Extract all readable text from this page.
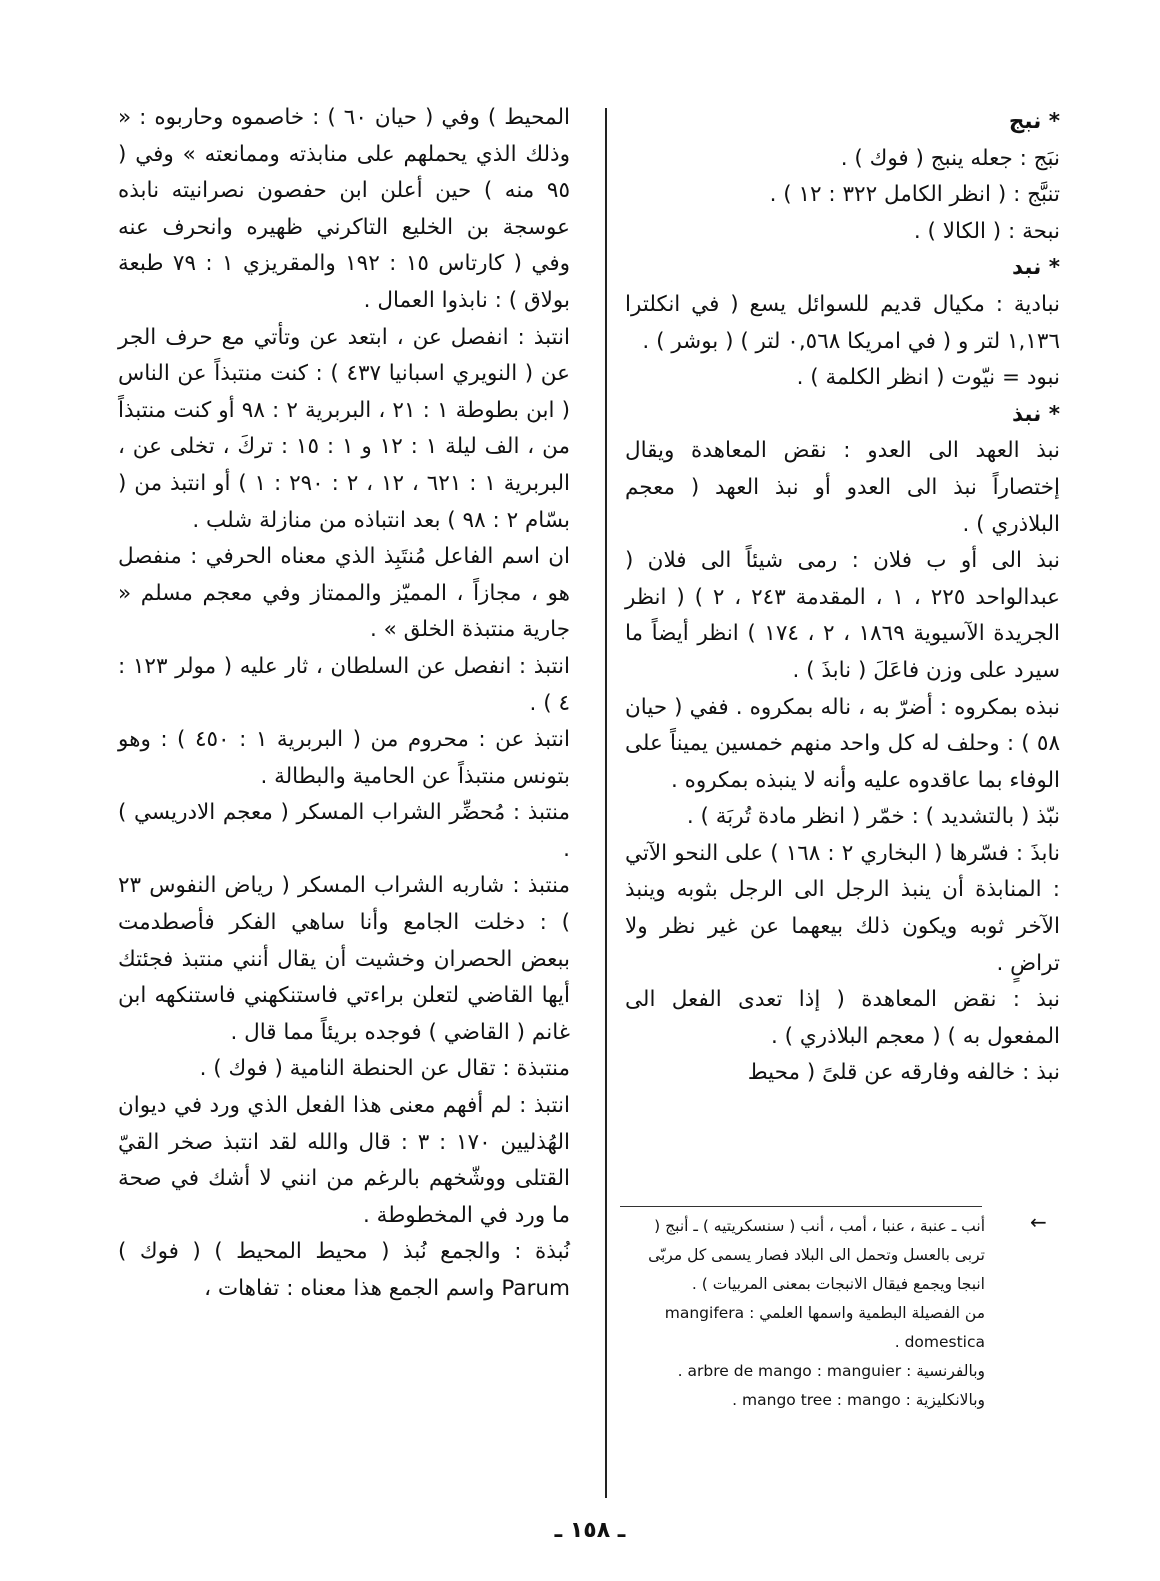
* نبج

نبَج : جعله ينبج ( فوك ) .

تنبَّج : ( انظر الكامل ٣٢٢ : ١٢ ) .

نبحة : ( الكالا ) .

* نبد

نبادية : مكيال قديم للسوائل يسع ( في انكلترا ١,١٣٦ لتر و ( في امريكا ٠,٥٦٨ لتر ) ( بوشر ) .

نبود = نيّوت ( انظر الكلمة ) .

* نبذ

نبذ العهد الى العدو : نقض المعاهدة ويقال إختصاراً نبذ الى العدو أو نبذ العهد ( معجم البلاذري ) .

نبذ الى أو ب فلان : رمى شيئاً الى فلان ( عبدالواحد ٢٢٥ ، ١ ، المقدمة ٢٤٣ ، ٢ ) ( انظر الجريدة الآسيوية ١٨٦٩ ، ٢ ، ١٧٤ ) انظر أيضاً ما سيرد على وزن فاعَلَ ( نابذَ ) .

نبذه بمكروه : أضرّ به ، ناله بمكروه . ففي ( حيان ٥٨ ) : وحلف له كل واحد منهم خمسين يميناً على الوفاء بما عاقدوه عليه وأنه لا ينبذه بمكروه .

نبّذ ( بالتشديد ) : خمّر ( انظر مادة تُربَة ) .

نابذَ : فسّرها ( البخاري ٢ : ١٦٨ ) على النحو الآتي : المنابذة أن ينبذ الرجل الى الرجل بثوبه وينبذ الآخر ثوبه ويكون ذلك بيعهما عن غير نظر ولا تراضٍ .

نبذ : نقض المعاهدة ( إذا تعدى الفعل الى المفعول به ) ( معجم البلاذري ) .

نبذ : خالفه وفارقه عن قلىً ( محيط

المحيط ) وفي ( حيان ٦٠ ) : خاصموه وحاربوه : « وذلك الذي يحملهم على منابذته وممانعته » وفي ( ٩٥ منه ) حين أعلن ابن حفصون نصرانيته نابذه عوسجة بن الخليع التاكرني ظهيره وانحرف عنه وفي ( كارتاس ١٥ : ١٩٢ والمقريزي ١ : ٧٩ طبعة بولاق ) : نابذوا العمال .

انتبذ : انفصل عن ، ابتعد عن وتأتي مع حرف الجر عن ( النويري اسبانيا ٤٣٧ ) : كنت منتبذاً عن الناس ( ابن بطوطة ١ : ٢١ ، البربرية ٢ : ٩٨ أو كنت منتبذاً من ، الف ليلة ١ : ١٢ و ١ : ١٥ : تركَ ، تخلى عن ، البربرية ١ : ٦٢١ ، ١٢ ، ٢ : ٢٩٠ : ١ ) أو انتبذ من ( بسّام ٢ : ٩٨ ) بعد انتباذه من منازلة شلب .

ان اسم الفاعل مُنتَبِذ الذي معناه الحرفي : منفصل هو ، مجازاً ، المميّز والممتاز وفي معجم مسلم « جارية منتبذة الخلق » .

انتبذ : انفصل عن السلطان ، ثار عليه ( مولر ١٢٣ : ٤ ) .

انتبذ عن : محروم من ( البربرية ١ : ٤٥٠ ) : وهو بتونس منتبذاً عن الحامية والبطالة .

منتبذ : مُحضِّر الشراب المسكر ( معجم الادريسي ) .

منتبذ : شاربه الشراب المسكر ( رياض النفوس ٢٣ ) : دخلت الجامع وأنا ساهي الفكر فأصطدمت ببعض الحصران وخشيت أن يقال أنني منتبذ فجئتك أيها القاضي لتعلن براءتي فاستنكهني فاستنكهه ابن غانم ( القاضي ) فوجده بريئاً مما قال .

منتبذة : تقال عن الحنطة النامية ( فوك ) .

انتبذ : لم أفهم معنى هذا الفعل الذي ورد في ديوان الهُذليين ١٧٠ : ٣ : قال والله لقد انتبذ صخر القيّ القتلى ووشّخهم بالرغم من انني لا أشك في صحة ما ورد في المخطوطة .

نُبذة : والجمع نُبذ ( محيط المحيط ) ( فوك ) Parum واسم الجمع هذا معناه : تفاهات ،

←

أنب ـ عنبة ، عنبا ، أمب ، أنب ( سنسكريتيه ) ـ أنبج ( تربى بالعسل وتحمل الى البلاد فصار يسمى كل مربّى انبجا ويجمع فيقال الانبجات بمعنى المربيات ) .

من الفصيلة البطمية واسمها العلمي : mangifera domestica .

وبالفرنسية : arbre de mango : manguier .

وبالانكليزية : mango tree : mango .

ـ ١٥٨ ـ
